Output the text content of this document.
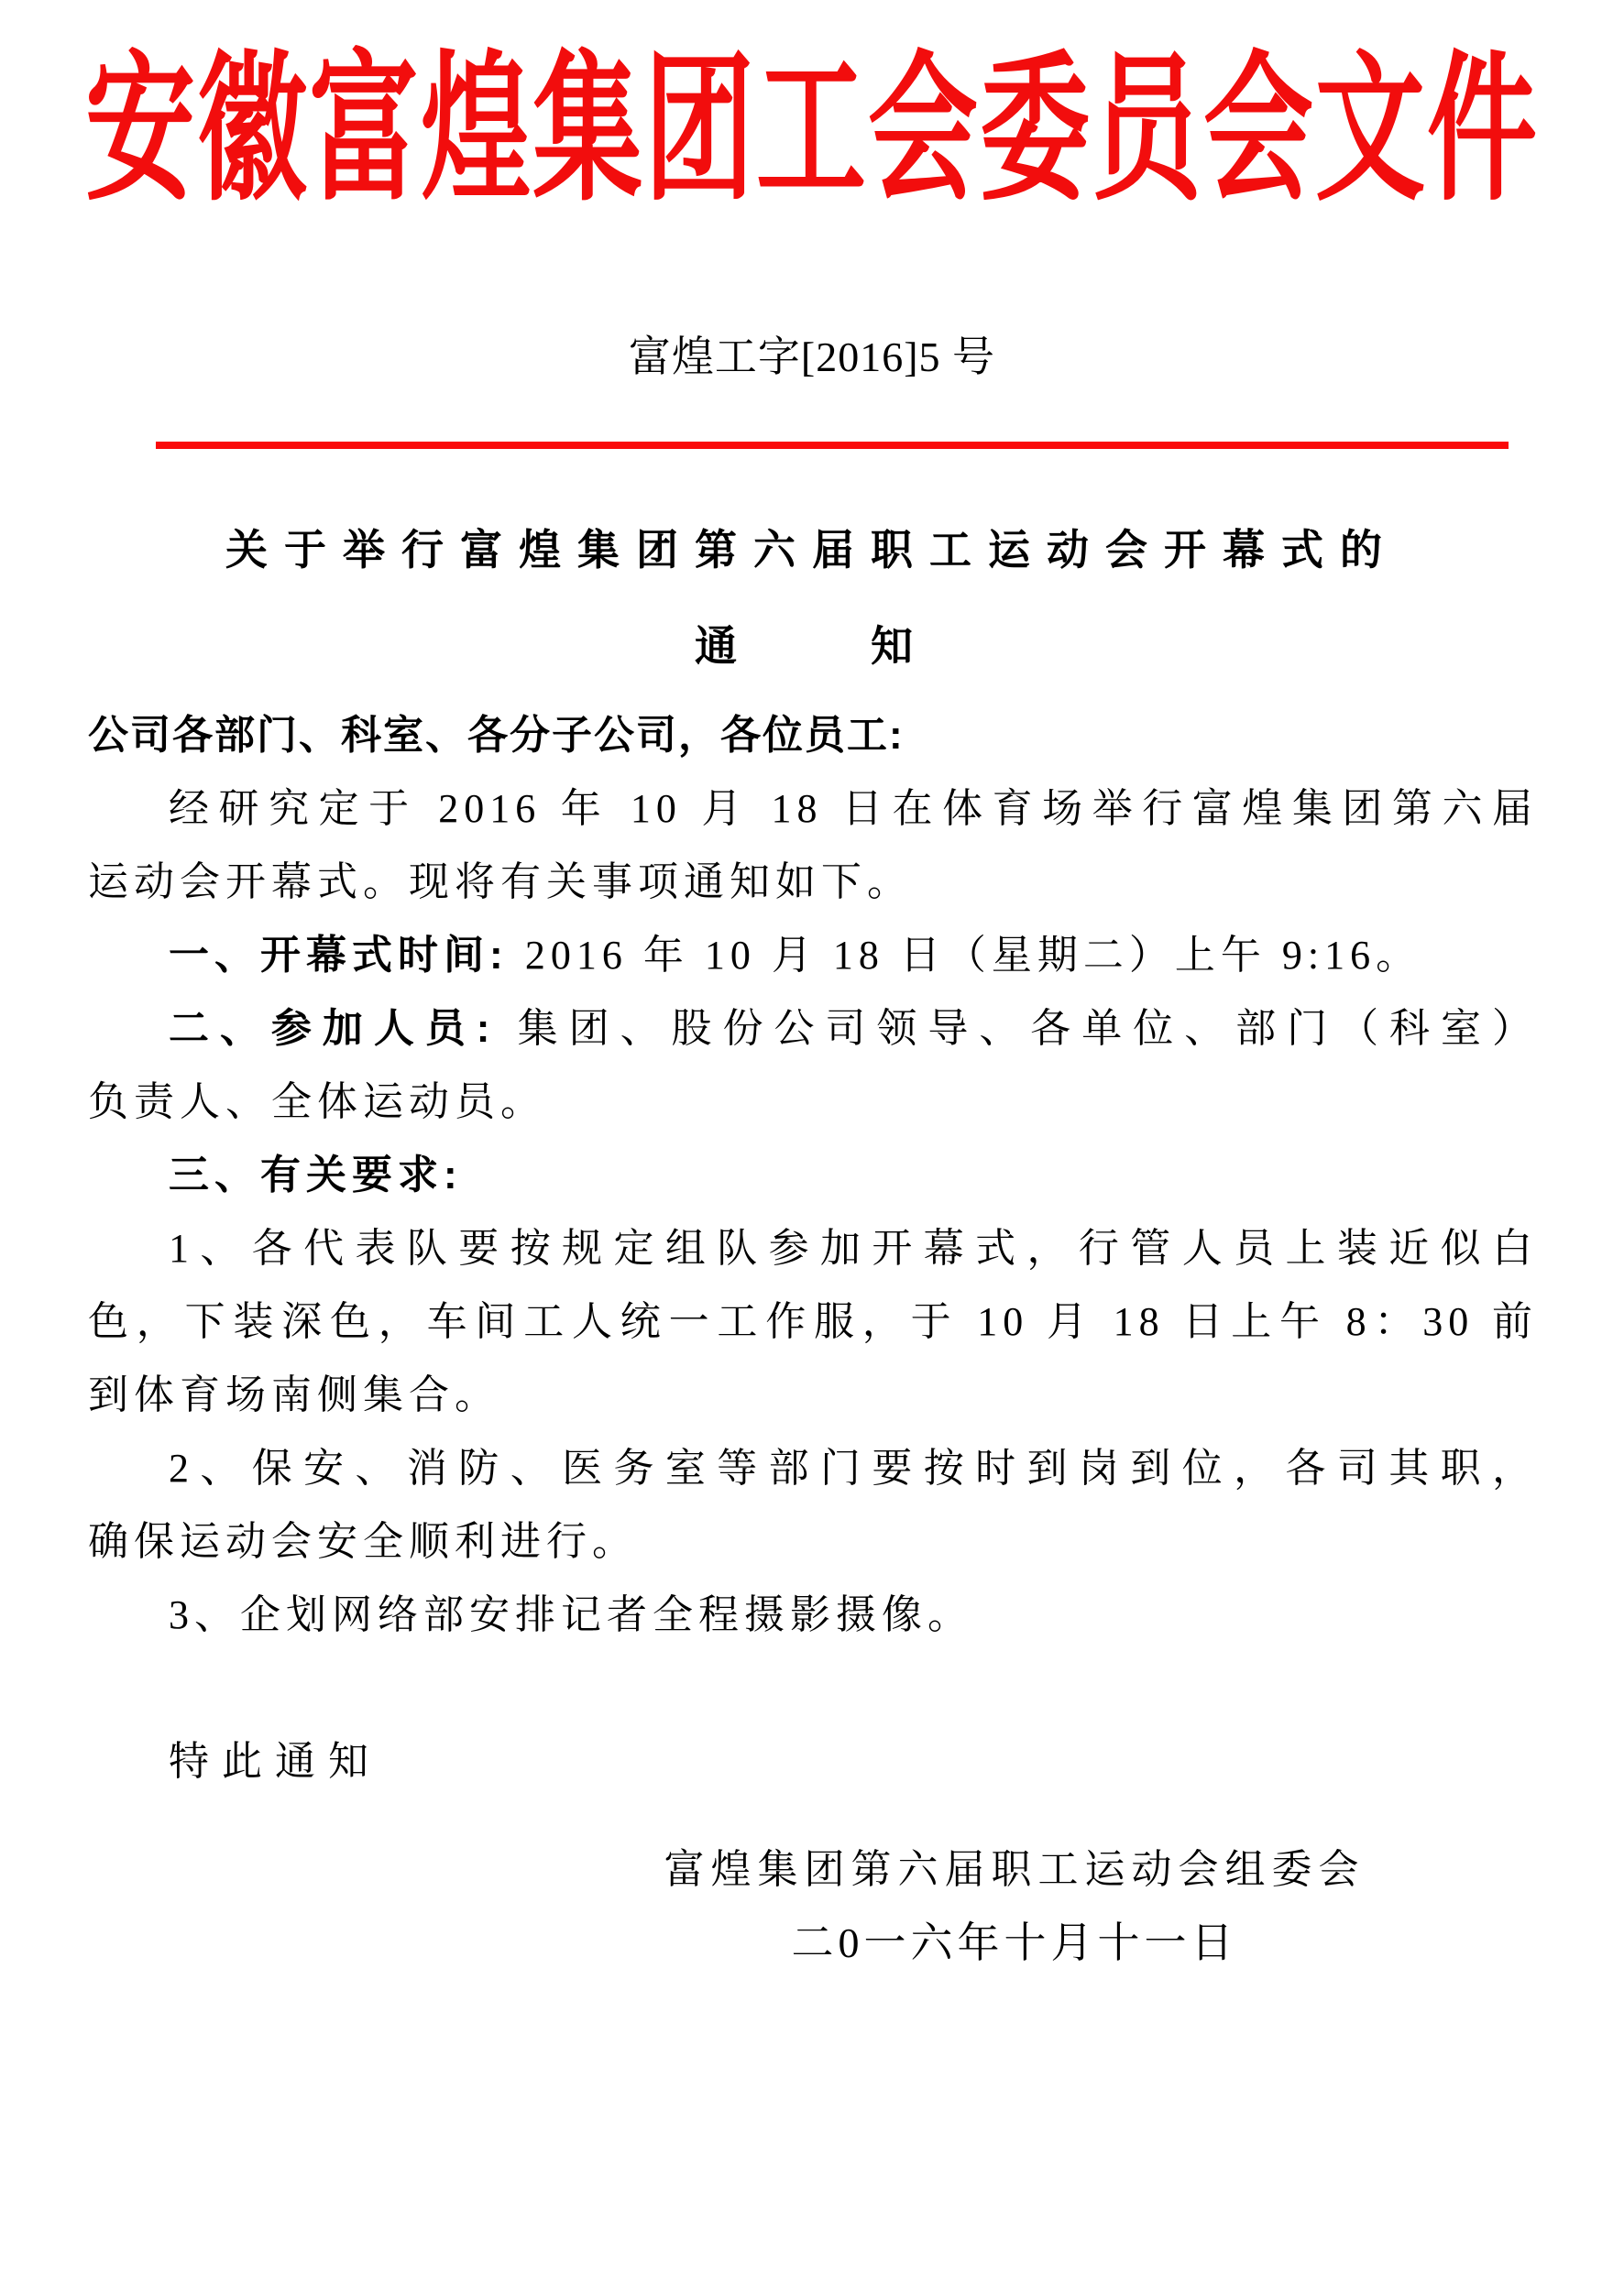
安徽富煌集团工会委员会文件
富煌工字[2016]5 号
关于举行富煌集团第六届职工运动会开幕式的
通　　知
公司各部门、科室、各分子公司，各位员工:
经研究定于 2016 年 10 月 18 日在体育场举行富煌集团第六届
运动会开幕式。现将有关事项通知如下。
一、开幕式时间: 2016 年 10 月 18 日（星期二）上午 9:16。
二、参加人员: 集团、股份公司领导、各单位、部门（科室）
负责人、全体运动员。
三、有关要求:
1、各代表队要按规定组队参加开幕式，行管人员上装近似白
色，下装深色，车间工人统一工作服，于 10 月 18 日上午 8：30 前
到体育场南侧集合。
2、保安、消防、医务室等部门要按时到岗到位，各司其职，
确保运动会安全顺利进行。
3、企划网络部安排记者全程摄影摄像。
特此通知
富煌集团第六届职工运动会组委会
二0一六年十月十一日
